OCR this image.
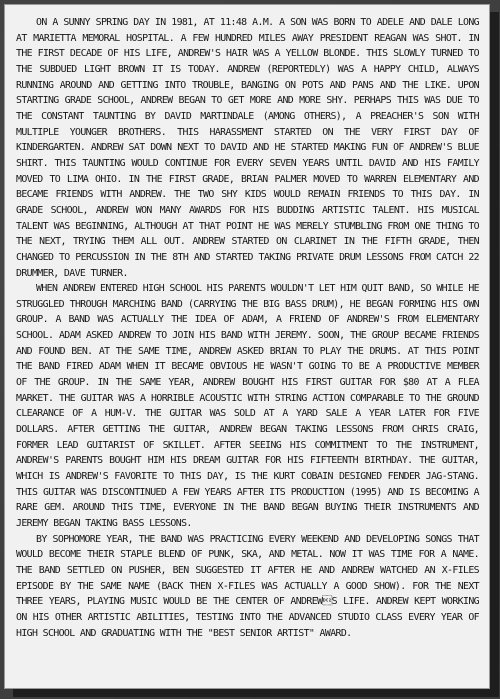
ON A SUNNY SPRING DAY IN 1981, AT 11:48 A.M. A SON WAS BORN TO ADELE AND DALE LONG AT MARIETTA MEMORAL HOSPITAL. A FEW HUNDRED MILES AWAY PRESIDENT REAGAN WAS SHOT. IN THE FIRST DECADE OF HIS LIFE, ANDREW'S HAIR WAS A YELLOW BLONDE. THIS SLOWLY TURNED TO THE SUBDUED LIGHT BROWN IT IS TODAY. ANDREW (REPORTEDLY) WAS A HAPPY CHILD, ALWAYS RUNNING AROUND AND GETTING INTO TROUBLE, BANGING ON POTS AND PANS AND THE LIKE. UPON STARTING GRADE SCHOOL, ANDREW BEGAN TO GET MORE AND MORE SHY. PERHAPS THIS WAS DUE TO THE CONSTANT TAUNTING BY DAVID MARTINDALE (AMONG OTHERS), A PREACHER'S SON WITH MULTIPLE YOUNGER BROTHERS. THIS HARASSMENT STARTED ON THE VERY FIRST DAY OF KINDERGARTEN. ANDREW SAT DOWN NEXT TO DAVID AND HE STARTED MAKING FUN OF ANDREW'S BLUE SHIRT. THIS TAUNTING WOULD CONTINUE FOR EVERY SEVEN YEARS UNTIL DAVID AND HIS FAMILY MOVED TO LIMA OHIO. IN THE FIRST GRADE, BRIAN PALMER MOVED TO WARREN ELEMENTARY AND BECAME FRIENDS WITH ANDREW. THE TWO SHY KIDS WOULD REMAIN FRIENDS TO THIS DAY. IN GRADE SCHOOL, ANDREW WON MANY AWARDS FOR HIS BUDDING ARTISTIC TALENT. HIS MUSICAL TALENT WAS BEGINNING, ALTHOUGH AT THAT POINT HE WAS MERELY STUMBLING FROM ONE THING TO THE NEXT, TRYING THEM ALL OUT. ANDREW STARTED ON CLARINET IN THE FIFTH GRADE, THEN CHANGED TO PERCUSSION IN THE 8TH AND STARTED TAKING PRIVATE DRUM LESSONS FROM CATCH 22 DRUMMER, DAVE TURNER.

WHEN ANDREW ENTERED HIGH SCHOOL HIS PARENTS WOULDN'T LET HIM QUIT BAND, SO WHILE HE STRUGGLED THROUGH MARCHING BAND (CARRYING THE BIG BASS DRUM), HE BEGAN FORMING HIS OWN GROUP. A BAND WAS ACTUALLY THE IDEA OF ADAM, A FRIEND OF ANDREW'S FROM ELEMENTARY SCHOOL. ADAM ASKED ANDREW TO JOIN HIS BAND WITH JEREMY. SOON, THE GROUP BECAME FRIENDS AND FOUND BEN. AT THE SAME TIME, ANDREW ASKED BRIAN TO PLAY THE DRUMS. AT THIS POINT THE BAND FIRED ADAM WHEN IT BECAME OBVIOUS HE WASN'T GOING TO BE A PRODUCTIVE MEMBER OF THE GROUP. IN THE SAME YEAR, ANDREW BOUGHT HIS FIRST GUITAR FOR $80 AT A FLEA MARKET. THE GUITAR WAS A HORRIBLE ACOUSTIC WITH STRING ACTION COMPARABLE TO THE GROUND CLEARANCE OF A HUM-V. THE GUITAR WAS SOLD AT A YARD SALE A YEAR LATER FOR FIVE DOLLARS. AFTER GETTING THE GUITAR, ANDREW BEGAN TAKING LESSONS FROM CHRIS CRAIG, FORMER LEAD GUITARIST OF SKILLET. AFTER SEEING HIS COMMITMENT TO THE INSTRUMENT, ANDREW'S PARENTS BOUGHT HIM HIS DREAM GUITAR FOR HIS FIFTEENTH BIRTHDAY. THE GUITAR, WHICH IS ANDREW'S FAVORITE TO THIS DAY, IS THE KURT COBAIN DESIGNED FENDER JAG-STANG. THIS GUITAR WAS DISCONTINUED A FEW YEARS AFTER ITS PRODUCTION (1995) AND IS BECOMING A RARE GEM. AROUND THIS TIME, EVERYONE IN THE BAND BEGAN BUYING THEIR INSTRUMENTS AND JEREMY BEGAN TAKING BASS LESSONS.

BY SOPHOMORE YEAR, THE BAND WAS PRACTICING EVERY WEEKEND AND DEVELOPING SONGS THAT WOULD BECOME THEIR STAPLE BLEND OF PUNK, SKA, AND METAL. NOW IT WAS TIME FOR A NAME. THE BAND SETTLED ON PUSHER, BEN SUGGESTED IT AFTER HE AND ANDREW WATCHED AN X-FILES EPISODE BY THE SAME NAME (BACK THEN X-FILES WAS ACTUALLY A GOOD SHOW). FOR THE NEXT THREE YEARS, PLAYING MUSIC WOULD BE THE CENTER OF ANDREWS LIFE. ANDREW KEPT WORKING ON HIS OTHER ARTISTIC ABILITIES, TESTING INTO THE ADVANCED STUDIO CLASS EVERY YEAR OF HIGH SCHOOL AND GRADUATING WITH THE "BEST SENIOR ARTIST" AWARD.
